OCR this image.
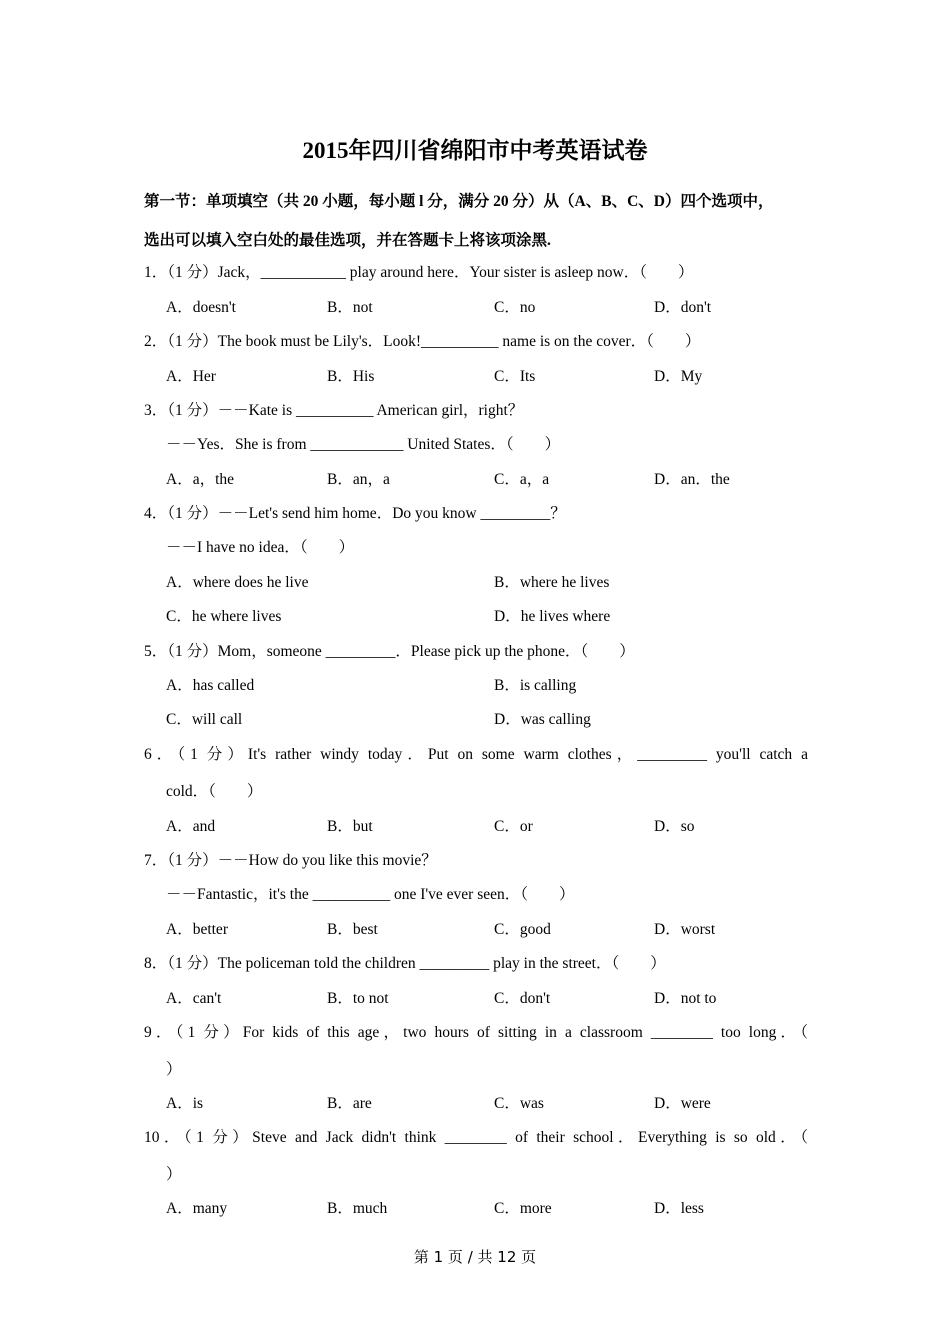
2015年四川省绵阳市中考英语试卷
第一节：单项填空（共 20 小题，每小题 l 分，满分 20 分）从（A、B、C、D）四个选项中，
选出可以填入空白处的最佳选项，并在答题卡上将该项涂黑.
1．（1 分）Jack，___________ play around here．Your sister is asleep now．（　　）
A．doesn't	B．not	C．no	D．don't
2．（1 分）The book must be Lily's．Look!__________ name is on the cover．（　　）
A．Her	B．His	C．Its	D．My
3．（1 分）－－Kate is __________ American girl，right？
－－Yes．She is from ____________ United States．（　　）
A．a，the	B．an，a	C．a，a	D．an．the
4．（1 分）－－Let's send him home．Do you know _________？
－－I have no idea．（　　）
A．where does he live	B．where he lives
C．he where lives	D．he lives where
5．（1 分）Mom，someone _________．Please pick up the phone．（　　）
A．has called	B．is calling
C．will call	D．was calling
6．（1 分）It's rather windy today．Put on some warm clothes，_________ you'll catch a
cold．（　　）
A．and	B．but	C．or	D．so
7．（1 分）－－How do you like this movie？
－－Fantastic，it's the __________ one I've ever seen．（　　）
A．better	B．best	C．good	D．worst
8．（1 分）The policeman told the children _________ play in the street．（　　）
A．can't	B．to not	C．don't	D．not to
9．（1 分）For kids of this age，two hours of sitting in a classroom ________ too long．（
）
A．is	B．are	C．was	D．were
10．（1 分）Steve and Jack didn't think ________ of their school．Everything is so old．（
）
A．many	B．much	C．more	D．less
第 1 页 / 共 12 页
